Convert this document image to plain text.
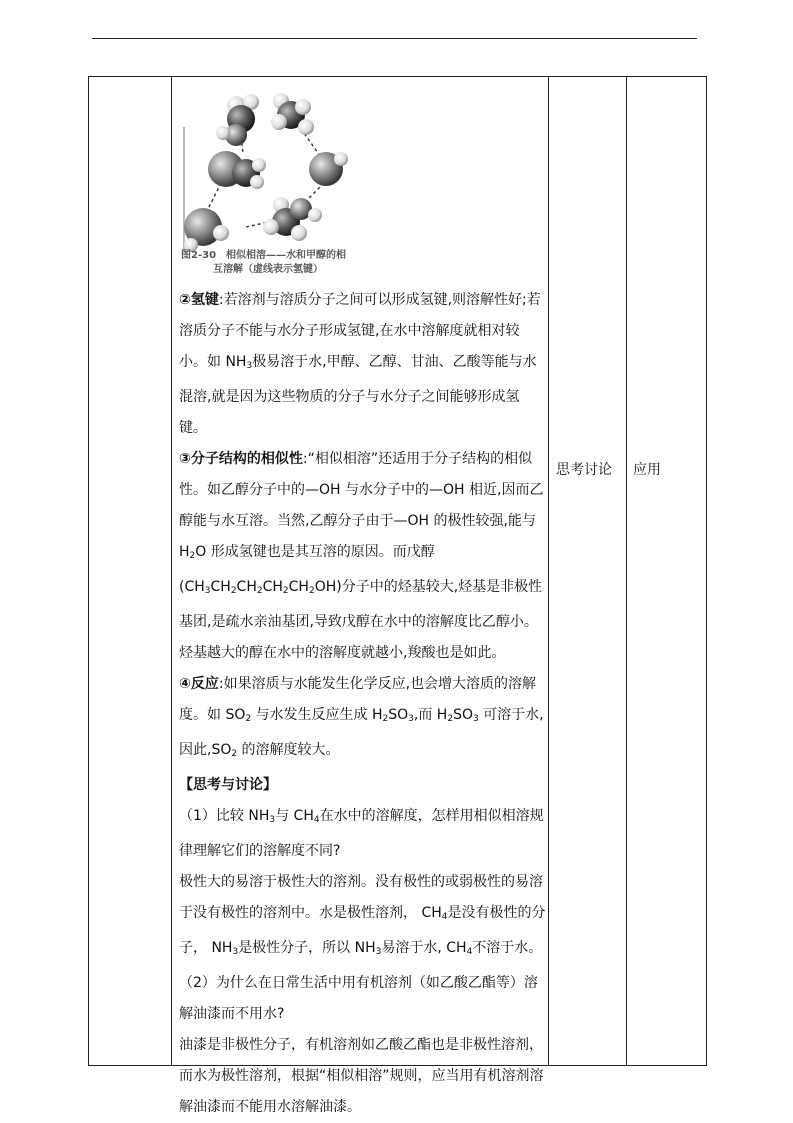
思考讨论 应用
图2-30　相似相溶——水和甲醇的相
互溶解（虚线表示氢键）

②氢键:若溶剂与溶质分子之间可以形成氢键,则溶解性好;若溶质分子不能与水分子形成氢键,在水中溶解度就相对较小。如 $NH_3$极易溶于水,甲醇、乙醇、甘油、乙酸等能与水混溶,就是因为这些物质的分子与水分子之间能够形成氢键。

③分子结构的相似性:“相似相溶”还适用于分子结构的相似性。如乙醇分子中的—OH 与水分子中的—OH 相近,因而乙醇能与水互溶。当然,乙醇分子由于—OH 的极性较强,能与 $H_2O$ 形成氢键也是其互溶的原因。而戊醇$(CH_3CH_2CH_2CH_2CH_2OH)$分子中的烃基较大,烃基是非极性基团,是疏水亲油基团,导致戊醇在水中的溶解度比乙醇小。烃基越大的醇在水中的溶解度就越小,羧酸也是如此。

④反应:如果溶质与水能发生化学反应,也会增大溶质的溶解度。如 $SO_2$ 与水发生反应生成 $H_2SO_3$,而 $H_2SO_3$ 可溶于水,因此$,SO_2$ 的溶解度较大。

【思考与讨论】

（1）比较 $NH_3$与 $CH_4$在水中的溶解度，怎样用相似相溶规律理解它们的溶解度不同?

极性大的易溶于极性大的溶剂。没有极性的或弱极性的易溶于没有极性的溶剂中。水是极性溶剂， $CH_4$是没有极性的分子， $NH_3$是极性分子，所以 $NH_3$易溶于水, $CH_4$不溶于水。

（2）为什么在日常生活中用有机溶剂（如乙酸乙酯等）溶解油漆而不用水?

油漆是非极性分子，有机溶剂如乙酸乙酯也是非极性溶剂，而水为极性溶剂，根据“相似相溶”规则，应当用有机溶剂溶解油漆而不能用水溶解油漆。
